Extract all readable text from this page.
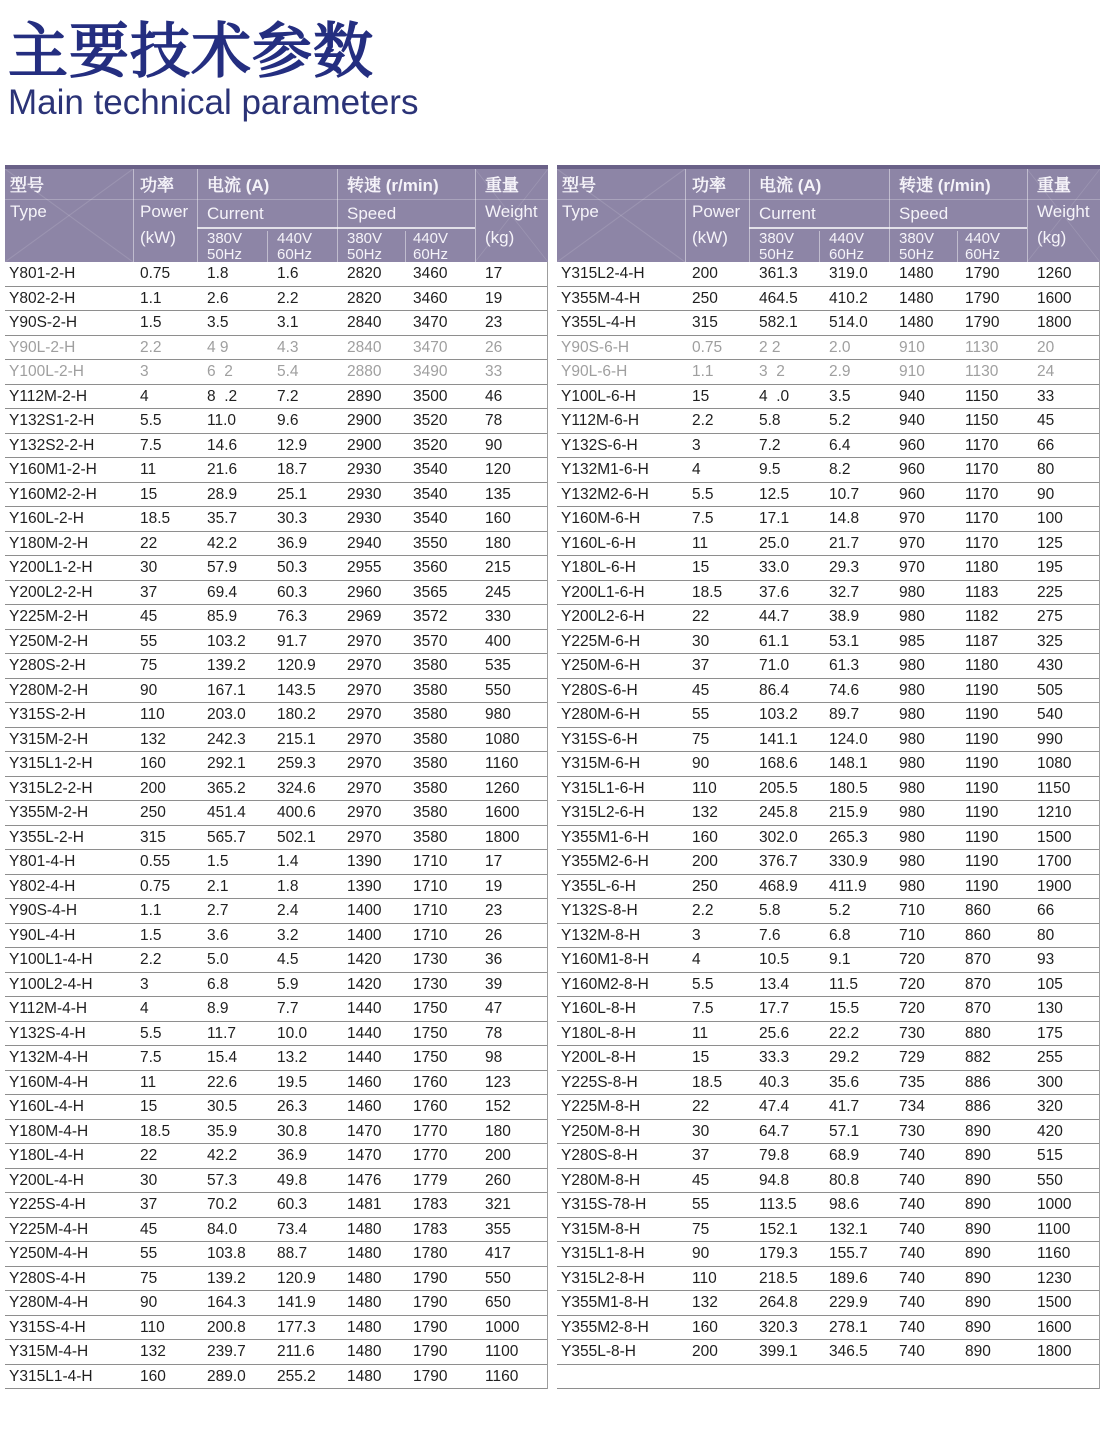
主要技术参数
Main technical parameters
型号
Type
功率
Power
(kW)
电流 (A)
Current
380V
50Hz
440V
60Hz
转速 (r/min)
Speed
380V
50Hz
440V
60Hz
重量
Weight
(kg)
Y801-2-H	0.75	1.8	1.6	2820	3460	17
Y802-2-H	1.1	2.6	2.2	2820	3460	19
Y90S-2-H	1.5	3.5	3.1	2840	3470	23
Y90L-2-H	2.2	4 9	4.3	2840	3470	26
Y100L-2-H	3	6  2	5.4	2880	3490	33
Y112M-2-H	4	8  .2	7.2	2890	3500	46
Y132S1-2-H	5.5	11.0	9.6	2900	3520	78
Y132S2-2-H	7.5	14.6	12.9	2900	3520	90
Y160M1-2-H	11	21.6	18.7	2930	3540	120
Y160M2-2-H	15	28.9	25.1	2930	3540	135
Y160L-2-H	18.5	35.7	30.3	2930	3540	160
Y180M-2-H	22	42.2	36.9	2940	3550	180
Y200L1-2-H	30	57.9	50.3	2955	3560	215
Y200L2-2-H	37	69.4	60.3	2960	3565	245
Y225M-2-H	45	85.9	76.3	2969	3572	330
Y250M-2-H	55	103.2	91.7	2970	3570	400
Y280S-2-H	75	139.2	120.9	2970	3580	535
Y280M-2-H	90	167.1	143.5	2970	3580	550
Y315S-2-H	110	203.0	180.2	2970	3580	980
Y315M-2-H	132	242.3	215.1	2970	3580	1080
Y315L1-2-H	160	292.1	259.3	2970	3580	1160
Y315L2-2-H	200	365.2	324.6	2970	3580	1260
Y355M-2-H	250	451.4	400.6	2970	3580	1600
Y355L-2-H	315	565.7	502.1	2970	3580	1800
Y801-4-H	0.55	1.5	1.4	1390	1710	17
Y802-4-H	0.75	2.1	1.8	1390	1710	19
Y90S-4-H	1.1	2.7	2.4	1400	1710	23
Y90L-4-H	1.5	3.6	3.2	1400	1710	26
Y100L1-4-H	2.2	5.0	4.5	1420	1730	36
Y100L2-4-H	3	6.8	5.9	1420	1730	39
Y112M-4-H	4	8.9	7.7	1440	1750	47
Y132S-4-H	5.5	11.7	10.0	1440	1750	78
Y132M-4-H	7.5	15.4	13.2	1440	1750	98
Y160M-4-H	11	22.6	19.5	1460	1760	123
Y160L-4-H	15	30.5	26.3	1460	1760	152
Y180M-4-H	18.5	35.9	30.8	1470	1770	180
Y180L-4-H	22	42.2	36.9	1470	1770	200
Y200L-4-H	30	57.3	49.8	1476	1779	260
Y225S-4-H	37	70.2	60.3	1481	1783	321
Y225M-4-H	45	84.0	73.4	1480	1783	355
Y250M-4-H	55	103.8	88.7	1480	1780	417
Y280S-4-H	75	139.2	120.9	1480	1790	550
Y280M-4-H	90	164.3	141.9	1480	1790	650
Y315S-4-H	110	200.8	177.3	1480	1790	1000
Y315M-4-H	132	239.7	211.6	1480	1790	1100
Y315L1-4-H	160	289.0	255.2	1480	1790	1160
型号
Type
功率
Power
(kW)
电流 (A)
Current
380V
50Hz
440V
60Hz
转速 (r/min)
Speed
380V
50Hz
440V
60Hz
重量
Weight
(kg)
Y315L2-4-H	200	361.3	319.0	1480	1790	1260
Y355M-4-H	250	464.5	410.2	1480	1790	1600
Y355L-4-H	315	582.1	514.0	1480	1790	1800
Y90S-6-H	0.75	2 2	2.0	910	1130	20
Y90L-6-H	1.1	3  2	2.9	910	1130	24
Y100L-6-H	15	4  .0	3.5	940	1150	33
Y112M-6-H	2.2	5.8	5.2	940	1150	45
Y132S-6-H	3	7.2	6.4	960	1170	66
Y132M1-6-H	4	9.5	8.2	960	1170	80
Y132M2-6-H	5.5	12.5	10.7	960	1170	90
Y160M-6-H	7.5	17.1	14.8	970	1170	100
Y160L-6-H	11	25.0	21.7	970	1170	125
Y180L-6-H	15	33.0	29.3	970	1180	195
Y200L1-6-H	18.5	37.6	32.7	980	1183	225
Y200L2-6-H	22	44.7	38.9	980	1182	275
Y225M-6-H	30	61.1	53.1	985	1187	325
Y250M-6-H	37	71.0	61.3	980	1180	430
Y280S-6-H	45	86.4	74.6	980	1190	505
Y280M-6-H	55	103.2	89.7	980	1190	540
Y315S-6-H	75	141.1	124.0	980	1190	990
Y315M-6-H	90	168.6	148.1	980	1190	1080
Y315L1-6-H	110	205.5	180.5	980	1190	1150
Y315L2-6-H	132	245.8	215.9	980	1190	1210
Y355M1-6-H	160	302.0	265.3	980	1190	1500
Y355M2-6-H	200	376.7	330.9	980	1190	1700
Y355L-6-H	250	468.9	411.9	980	1190	1900
Y132S-8-H	2.2	5.8	5.2	710	860	66
Y132M-8-H	3	7.6	6.8	710	860	80
Y160M1-8-H	4	10.5	9.1	720	870	93
Y160M2-8-H	5.5	13.4	11.5	720	870	105
Y160L-8-H	7.5	17.7	15.5	720	870	130
Y180L-8-H	11	25.6	22.2	730	880	175
Y200L-8-H	15	33.3	29.2	729	882	255
Y225S-8-H	18.5	40.3	35.6	735	886	300
Y225M-8-H	22	47.4	41.7	734	886	320
Y250M-8-H	30	64.7	57.1	730	890	420
Y280S-8-H	37	79.8	68.9	740	890	515
Y280M-8-H	45	94.8	80.8	740	890	550
Y315S-78-H	55	113.5	98.6	740	890	1000
Y315M-8-H	75	152.1	132.1	740	890	1100
Y315L1-8-H	90	179.3	155.7	740	890	1160
Y315L2-8-H	110	218.5	189.6	740	890	1230
Y355M1-8-H	132	264.8	229.9	740	890	1500
Y355M2-8-H	160	320.3	278.1	740	890	1600
Y355L-8-H	200	399.1	346.5	740	890	1800
